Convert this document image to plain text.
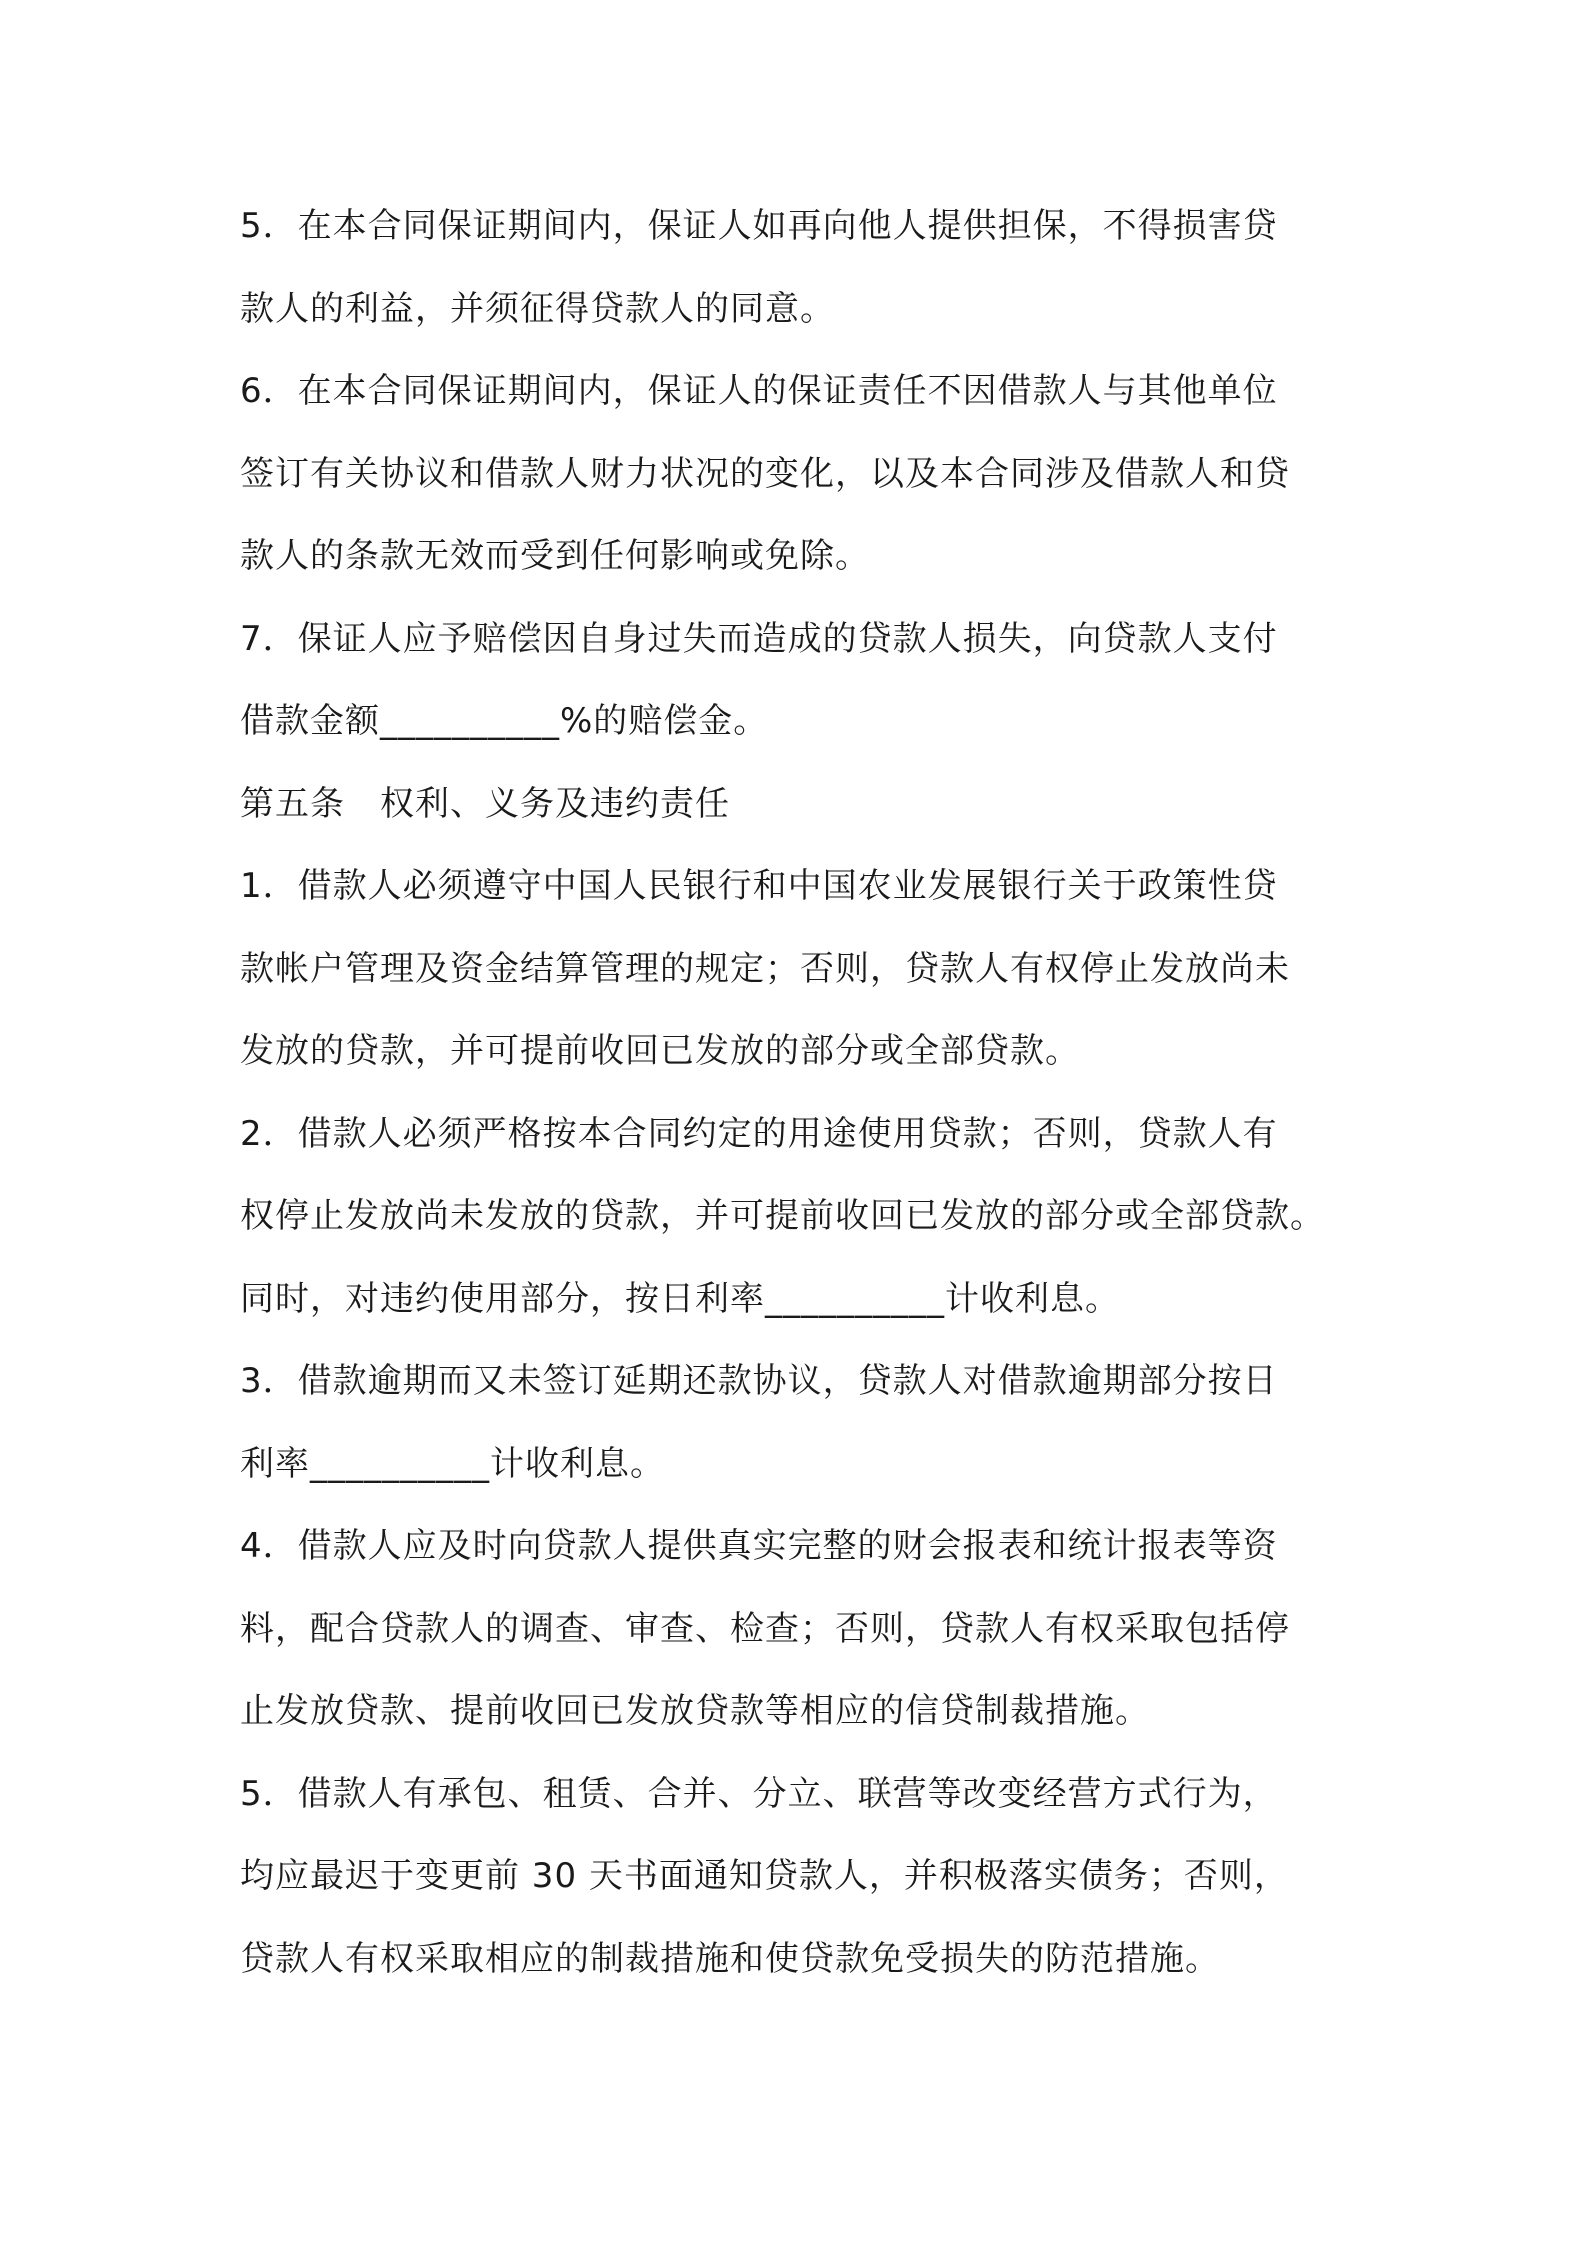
5．在本合同保证期间内，保证人如再向他人提供担保，不得损害贷
款人的利益，并须征得贷款人的同意。
6．在本合同保证期间内，保证人的保证责任不因借款人与其他单位
签订有关协议和借款人财力状况的变化，以及本合同涉及借款人和贷
款人的条款无效而受到任何影响或免除。
7．保证人应予赔偿因自身过失而造成的贷款人损失，向贷款人支付
借款金额__________%的赔偿金。
第五条　权利、义务及违约责任
1．借款人必须遵守中国人民银行和中国农业发展银行关于政策性贷
款帐户管理及资金结算管理的规定；否则，贷款人有权停止发放尚未
发放的贷款，并可提前收回已发放的部分或全部贷款。
2．借款人必须严格按本合同约定的用途使用贷款；否则，贷款人有
权停止发放尚未发放的贷款，并可提前收回已发放的部分或全部贷款。
同时，对违约使用部分，按日利率__________计收利息。
3．借款逾期而又未签订延期还款协议，贷款人对借款逾期部分按日
利率__________计收利息。
4．借款人应及时向贷款人提供真实完整的财会报表和统计报表等资
料，配合贷款人的调查、审查、检查；否则，贷款人有权采取包括停
止发放贷款、提前收回已发放贷款等相应的信贷制裁措施。
5．借款人有承包、租赁、合并、分立、联营等改变经营方式行为，
均应最迟于变更前 30 天书面通知贷款人，并积极落实债务；否则，
贷款人有权采取相应的制裁措施和使贷款免受损失的防范措施。
